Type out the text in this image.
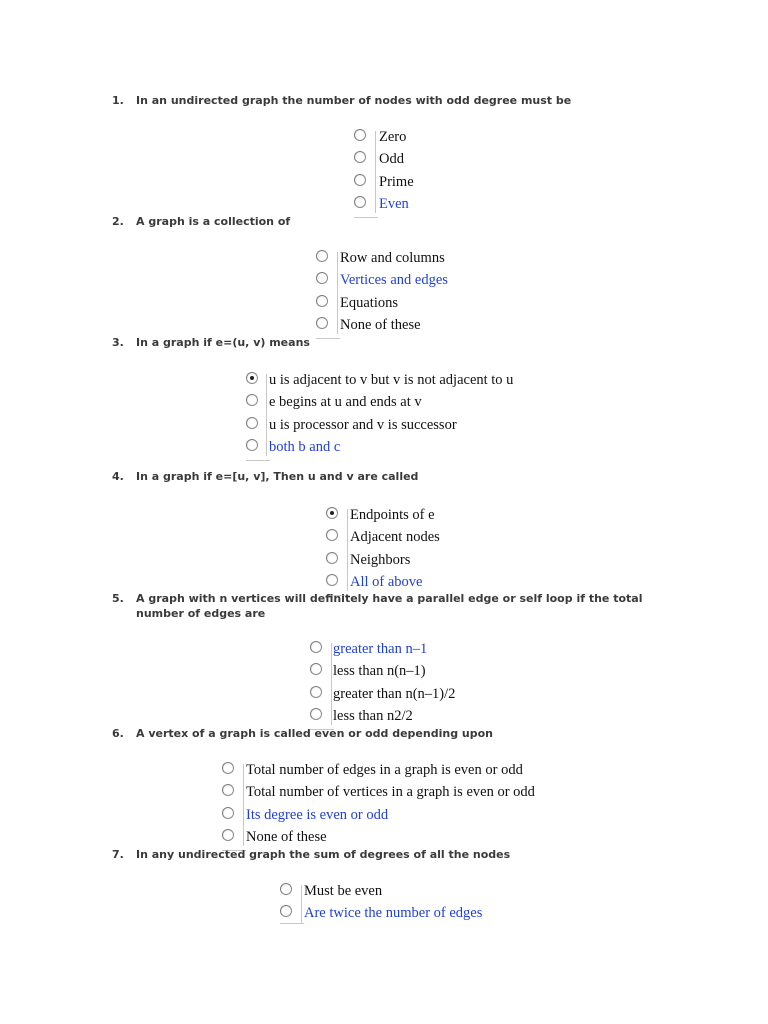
1.	In an undirected graph the number of nodes with odd degree must be
Zero
Odd
Prime
Even
2.	A graph is a collection of
Row and columns
Vertices and edges
Equations
None of these
3.	In a graph if e=(u, v) means
u is adjacent to v but v is not adjacent to u
e begins at u and ends at v
u is processor and v is successor
both b and c
4.	In a graph if e=[u, v], Then u and v are called
Endpoints of e
Adjacent nodes
Neighbors
All of above
5.	A graph with n vertices will definitely have a parallel edge or self loop if the total number of edges are
greater than n–1
less than n(n–1)
greater than n(n–1)/2
less than n2/2
6.	A vertex of a graph is called even or odd depending upon
Total number of edges in a graph is even or odd
Total number of vertices in a graph is even or odd
Its degree is even or odd
None of these
7.	In any undirected graph the sum of degrees of all the nodes
Must be even
Are twice the number of edges
